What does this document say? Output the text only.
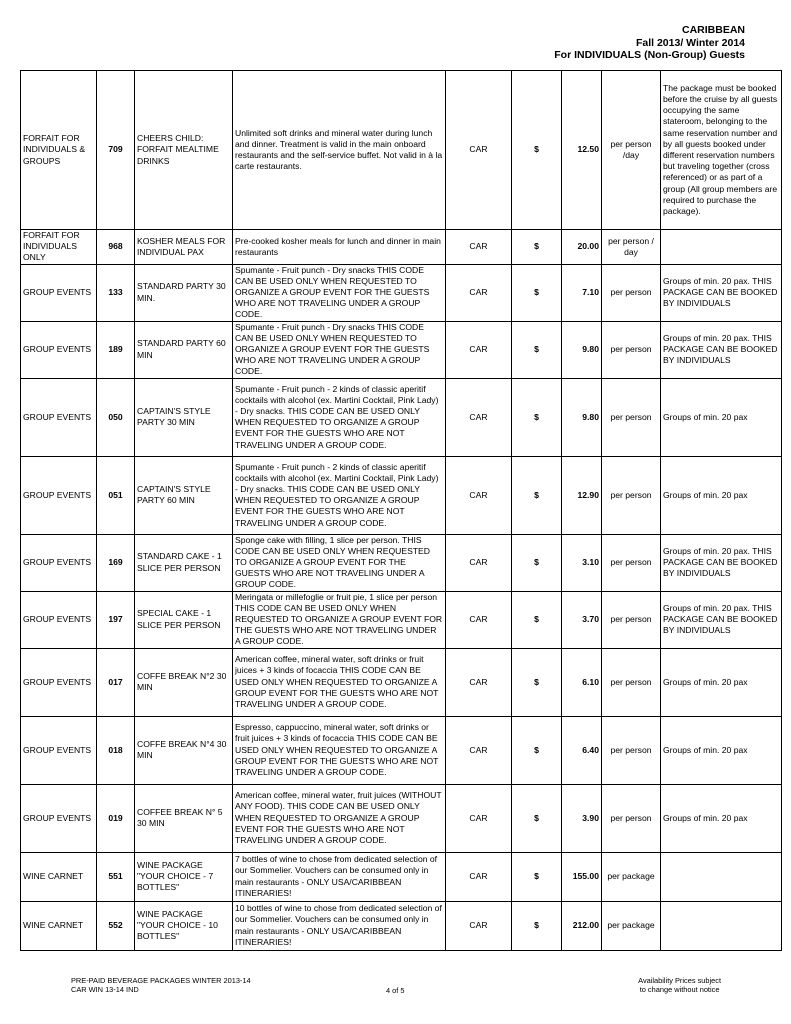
CARIBBEAN
Fall 2013/ Winter 2014
For INDIVIDUALS (Non-Group) Guests
FORFAIT FOR INDIVIDUALS & GROUPS	709	CHEERS CHILD: FORFAIT MEALTIME DRINKS	Unlimited soft drinks and mineral water during lunch and dinner. Treatment is valid in the main onboard restaurants and the self-service buffet. Not valid in à la carte restaurants.	CAR	$	12.50	per person /day	The package must be booked before the cruise by all guests occupying the same stateroom, belonging to the same reservation number and by all guests booked under different reservation numbers but traveling together (cross referenced) or as part of a group (All group members are required to purchase the package).
FORFAIT FOR INDIVIDUALS ONLY	968	KOSHER MEALS FOR INDIVIDUAL PAX	Pre-cooked kosher meals for lunch and dinner in main restaurants	CAR	$	20.00	per person / day	
GROUP EVENTS	133	STANDARD PARTY 30 MIN.	Spumante - Fruit punch - Dry snacks THIS CODE CAN BE USED ONLY WHEN REQUESTED TO ORGANIZE A GROUP EVENT FOR THE GUESTS WHO ARE NOT TRAVELING UNDER A GROUP CODE.	CAR	$	7.10	per person	Groups of min. 20 pax. THIS PACKAGE CAN BE BOOKED BY INDIVIDUALS
GROUP EVENTS	189	STANDARD PARTY 60 MIN	Spumante - Fruit punch - Dry snacks THIS CODE CAN BE USED ONLY WHEN REQUESTED TO ORGANIZE A GROUP EVENT FOR THE GUESTS WHO ARE NOT TRAVELING UNDER A GROUP CODE.	CAR	$	9.80	per person	Groups of min. 20 pax. THIS PACKAGE CAN BE BOOKED BY INDIVIDUALS
GROUP EVENTS	050	CAPTAIN'S STYLE PARTY 30 MIN	Spumante - Fruit punch - 2 kinds of classic aperitif cocktails with alcohol (ex. Martini Cocktail, Pink Lady) - Dry snacks. THIS CODE CAN BE USED ONLY WHEN REQUESTED TO ORGANIZE A GROUP EVENT FOR THE GUESTS WHO ARE NOT TRAVELING UNDER A GROUP CODE.	CAR	$	9.80	per person	Groups of min. 20 pax
GROUP EVENTS	051	CAPTAIN'S STYLE PARTY 60 MIN	Spumante - Fruit punch - 2 kinds of classic aperitif cocktails with alcohol (ex. Martini Cocktail, Pink Lady) - Dry snacks. THIS CODE CAN BE USED ONLY WHEN REQUESTED TO ORGANIZE A GROUP EVENT FOR THE GUESTS WHO ARE NOT TRAVELING UNDER A GROUP CODE.	CAR	$	12.90	per person	Groups of min. 20 pax
GROUP EVENTS	169	STANDARD CAKE - 1 SLICE PER PERSON	Sponge cake with filling, 1 slice per person. THIS CODE CAN BE USED ONLY WHEN REQUESTED TO ORGANIZE A GROUP EVENT FOR THE GUESTS WHO ARE NOT TRAVELING UNDER A GROUP CODE.	CAR	$	3.10	per person	Groups of min. 20 pax. THIS PACKAGE CAN BE BOOKED BY INDIVIDUALS
GROUP EVENTS	197	SPECIAL CAKE - 1 SLICE PER PERSON	Meringata or millefoglie or fruit pie, 1 slice per person THIS CODE CAN BE USED ONLY WHEN REQUESTED TO ORGANIZE A GROUP EVENT FOR THE GUESTS WHO ARE NOT TRAVELING UNDER A GROUP CODE.	CAR	$	3.70	per person	Groups of min. 20 pax. THIS PACKAGE CAN BE BOOKED BY INDIVIDUALS
GROUP EVENTS	017	COFFE BREAK N°2 30 MIN	American coffee, mineral water, soft drinks or fruit juices + 3 kinds of focaccia THIS CODE CAN BE USED ONLY WHEN REQUESTED TO ORGANIZE A GROUP EVENT FOR THE GUESTS WHO ARE NOT TRAVELING UNDER A GROUP CODE.	CAR	$	6.10	per person	Groups of min. 20 pax
GROUP EVENTS	018	COFFE BREAK N°4 30 MIN	Espresso, cappuccino, mineral water, soft drinks or fruit juices + 3 kinds of focaccia THIS CODE CAN BE USED ONLY WHEN REQUESTED TO ORGANIZE A GROUP EVENT FOR THE GUESTS WHO ARE NOT TRAVELING UNDER A GROUP CODE.	CAR	$	6.40	per person	Groups of min. 20 pax
GROUP EVENTS	019	COFFEE BREAK N° 5 30 MIN	American coffee, mineral water, fruit juices (WITHOUT ANY FOOD). THIS CODE CAN BE USED ONLY WHEN REQUESTED TO ORGANIZE A GROUP EVENT FOR THE GUESTS WHO ARE NOT TRAVELING UNDER A GROUP CODE.	CAR	$	3.90	per person	Groups of min. 20 pax
WINE CARNET	551	WINE PACKAGE "YOUR CHOICE - 7 BOTTLES"	7 bottles of wine to chose from dedicated selection of our Sommelier. Vouchers can be consumed only in main restaurants - ONLY USA/CARIBBEAN ITINERARIES!	CAR	$	155.00	per package	
WINE CARNET	552	WINE PACKAGE "YOUR CHOICE - 10 BOTTLES"	10 bottles of wine to chose from dedicated selection of our Sommelier. Vouchers can be consumed only in main restaurants - ONLY USA/CARIBBEAN ITINERARIES!	CAR	$	212.00	per package	
PRE-PAID BEVERAGE PACKAGES WINTER 2013-14
CAR WIN 13-14 IND	4 of 5
Availability Prices subject
to change without notice
